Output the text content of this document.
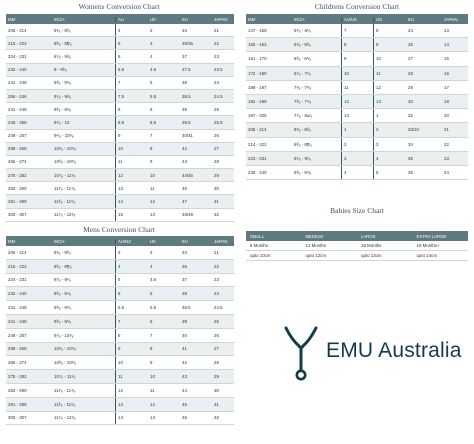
Womens Conversion Chart
MM	INCH	AU	UK	EU	JAPAN
206 - 214	8¹⁄₈ - 8³⁄₈	4	2	34	21
215 - 223	8³⁄₈ - 8¶⁄₈	5	3	35/36	22
224 - 231	8⁷⁄₈ - 9³⁄₈	6	4	37	23
232 - 240	9 - 9³⁄₈	6.5	4.5	37.5	23.5
241 - 248	9³⁄₈ - 9⁶⁄₈	7	5	38	24
256 - 246	9⁷⁄₈ - 9³⁄₈	7.5	5.5	38.5	24.5
241 - 248	9³⁄₈ - 9⁶⁄₈	8	6	39	25
245 - 255	9⁷⁄₈ - 10	8.5	6.5	39.5	25.5
249 - 257	9⁶⁄₈ - 10¹⁄₈	9	7	40/41	26
258 - 265	10¹⁄₈ - 10⁴⁄₈	10	8	42	27
266 - 274	10³⁄₈ - 10⁶⁄₈	11	9	43	28
275 - 282	10⁷⁄₈ - 11¹⁄₈	12	10	44/45	29
283 - 290	11¹⁄₈ - 11⁴⁄₈	13	11	46	30
291 - 299	11³⁄₈ - 11⁶⁄₈	14	12	47	31
300 - 307	11⁷⁄₈ - 12¹⁄₈	15	13	48/49	32
Childrens Conversion Chart
MM	INCH	AU/UK	US	EU	JAPAN
147 - 155	5⁷⁄₈ - 6¹⁄₈	7	8	24	13
155 - 163	6¹⁄₈ - 6³⁄₈	8	9	25	14
161 - 170	6³⁄₈ - 6⁶⁄₈	9	10	27	15
172 - 180	6⁷⁄₈ - 7¹⁄₈	10	11	28	16
189 - 197	7¹⁄₈ - 7⁶⁄₈	11	12	29	17
182 - 189	7³⁄₈ - 7⁴⁄₈	12	13	30	18
197 - 205	7⁷⁄₈ - 8±⁄₈	13	1	32	20
206 - 214	8¹⁄₈ - 8³⁄₈	1	2	33/34	21
214 - 222	8³⁄₈ - 8¶⁄₈	2	3	34	22
223 - 231	8⁷⁄₈ - 9¹⁄₈	3	4	35	23
235 - 240	9³⁄₈ - 9⁴⁄₈	4	5	36	24
Mens Conversion Chart
MM	INCH	AU/NZ	UK	EU	JAPAN
206 - 214	8¹⁄₈ - 8³⁄₈	3	3	34	21
215 - 223	8³⁄₈ - 8¶⁄₈	4	4	35	22
224 - 231	8⁷⁄₈ - 9¹⁄₈	5	4.5	37	23
232 - 240	9³⁄₈ - 9⁴⁄₈	6	5	38	24
241 - 248	9³⁄₈ - 9⁶⁄₈	6.5	5.5	38.5	24.5
241 - 248	9³⁄₈ - 9⁶⁄₈	7	6	39	25
249 - 257	9⁷⁄₈ - 10¹⁄₈	8	7	40	26
258 - 265	10¹⁄₈ - 10⁴⁄₈	9	8	41	27
266 - 274	10³⁄₈ - 10⁶⁄₈	10	9	42	28
275 - 282	10⁷⁄₈ - 11¹⁄₈	11	10	43	29
283 - 290	11¹⁄₈ - 11⁴⁄₈	12	11	44	30
291 - 299	11³⁄₈ - 11⁶⁄₈	13	12	45	31
300 - 307	11⁷⁄₈ - 12¹⁄₈	14	13	46	32
Babies Size Chart
SMALL	MEDIUM	LARGE	EXTRA LARGE
6 Months	12 Months	18 Months	18 Months+
upto 10cm	upto 12cm	upto 13cm	upto 14cm
EMU Australia
